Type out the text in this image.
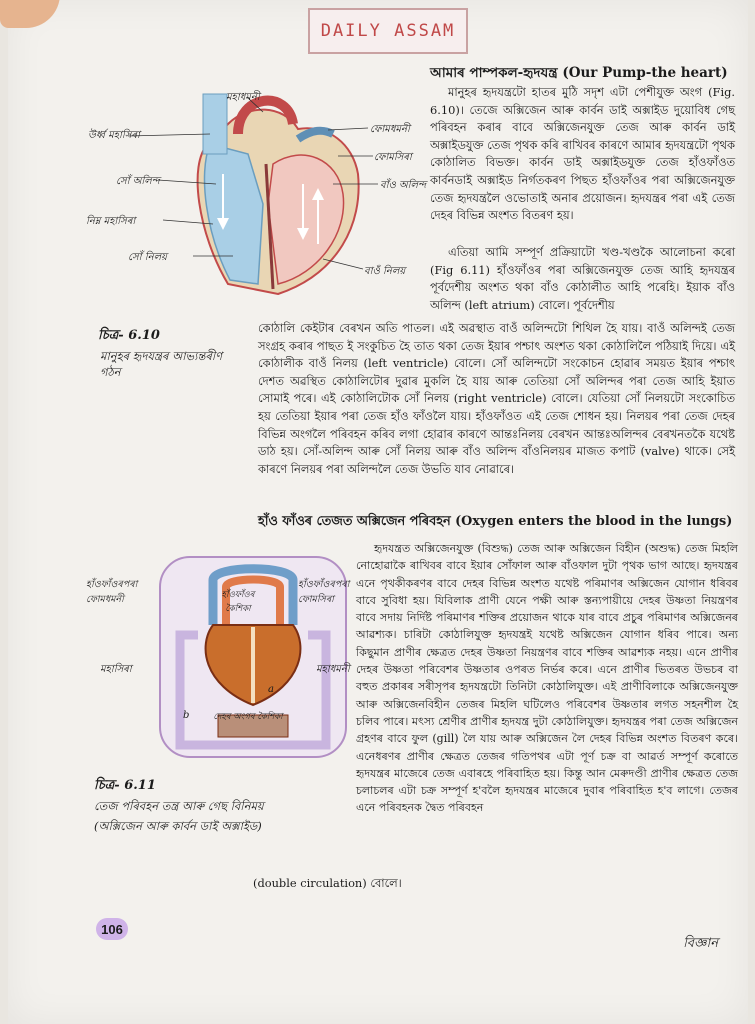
DAILY ASSAM
আমাৰ পাম্পকল-হৃদযন্ত্ৰ (Our Pump-the heart)
মানুহৰ হৃদযন্ত্ৰটো হাতৰ মুঠি সদৃশ এটা পেশীযুক্ত অংগ (Fig. 6.10)। তেজে অক্সিজেন আৰু কাৰ্বন ডাই অক্সাইড দুয়োবিধ গেছ পৰিবহন কৰাৰ বাবে অক্সিজেনযুক্ত তেজ আৰু কাৰ্বন ডাই অক্সাইডযুক্ত তেজ পৃথক কৰি ৰাখিবৰ কাৰণে আমাৰ হৃদযন্ত্ৰটো পৃথক কোঠালিত বিভক্ত। কাৰ্বন ডাই অক্সাইডযুক্ত তেজ হাঁওফাঁওত কাৰ্বনডাই অক্সাইড নিৰ্গতকৰণ পিছত হাঁওফাঁওৰ পৰা অক্সিজেনযুক্ত তেজ হৃদযন্ত্ৰলৈ ওভোতাই অনাৰ প্ৰয়োজন। হৃদযন্ত্ৰৰ পৰা এই তেজ দেহৰ বিভিন্ন অংশত বিতৰণ হয়।
এতিয়া আমি সম্পূৰ্ণ প্ৰক্ৰিয়াটো খণ্ড-খণ্ডকৈ আলোচনা কৰো (Fig 6.11) হাঁওফাঁওৰ পৰা অক্সিজেনযুক্ত তেজ আহি হৃদযন্ত্ৰৰ পূৰ্বদেশীয় অংশত থকা বাঁও কোঠালীত আহি পৰেহি। ইয়াক বাঁও অলিন্দ (left atrium) বোলে। পূৰ্বদেশীয়
কোঠালি কেইটাৰ বেৰখন অতি পাতল। এই অৱস্থাত বাওঁ অলিন্দটো শিথিল হৈ যায়। বাওঁ অলিন্দই তেজ সংগ্ৰহ কৰাৰ পাছত ই সংকুচিত হৈ তাত থকা তেজ ইয়াৰ পশ্চাৎ অংশত থকা কোঠালিলৈ পঠিয়াই দিয়ে। এই কোঠালীক বাওঁ নিলয় (left ventricle) বোলে। সোঁ অলিন্দটো সংকোচন হোৱাৰ সময়ত ইয়াৰ পশ্চাৎ দেশত অৱস্থিত কোঠালিটোৰ দুৱাৰ মুকলি হৈ যায় আৰু তেতিয়া সোঁ অলিন্দৰ পৰা তেজ আহি ইয়াত সোমাই পৰে। এই কোঠালিটোক সোঁ নিলয় (right ventricle) বোলে। যেতিয়া সোঁ নিলয়টো সংকোচিত হয় তেতিয়া ইয়াৰ পৰা তেজ হাঁও ফাঁওলৈ যায়। হাঁওফাঁওত এই তেজ শোধন হয়। নিলয়ৰ পৰা তেজ দেহৰ বিভিন্ন অংগলৈ পৰিবহন কৰিব লগা হোৱাৰ কাৰণে আন্তঃনিলয় বেৰখন আন্তঃঅলিন্দৰ বেৰখনতকৈ যথেষ্ট ডাঠ হয়। সোঁ-অলিন্দ আৰু সোঁ নিলয় আৰু বাঁও অলিন্দ বাঁওনিলয়ৰ মাজত কপাট (valve) থাকে। সেই কাৰণে নিলয়ৰ পৰা অলিন্দলৈ তেজ উভতি যাব নোৱাৰে।
মহাধমনী
উৰ্ধ্ব মহাসিৰা
সোঁ অলিন্দ
নিম্ন মহাসিৰা
সোঁ নিলয়
ফোমধমনী
ফোমসিৰা
বাঁও অলিন্দ
বাওঁ নিলয়
চিত্ৰ- 6.10
মানুহৰ হৃদযন্ত্ৰৰ আভ্যন্তৰীণ গঠন
হাঁও ফাঁওৰ তেজত অক্সিজেন পৰিবহন (Oxygen enters the blood in the lungs)
হৃদযন্ত্ৰত অক্সিজেনযুক্ত (বিশুদ্ধ) তেজ আৰু অক্সিজেন বিহীন (অশুদ্ধ) তেজ মিহলি নোহোৱাকৈ ৰাখিবৰ বাবে ইয়াৰ সোঁফাল আৰু বাঁওফাল দুটা পৃথক ভাগ আছে। হৃদযন্ত্ৰৰ এনে পৃথকীকৰণৰ বাবে দেহৰ বিভিন্ন অংশত যথেষ্ট পৰিমাণৰ অক্সিজেন যোগান ধৰিবৰ বাবে সুবিধা হয়। যিবিলাক প্ৰাণী যেনে পক্ষী আৰু স্তন্যপায়ীয়ে দেহৰ উষ্ণতা নিয়ন্ত্ৰণৰ বাবে সদায় নিৰ্দিষ্ট পৰিমাণৰ শক্তিৰ প্ৰয়োজন থাকে যাৰ বাবে প্ৰচুৰ পৰিমাণৰ অক্সিজেনৰ আৱশ্যক। চাৰিটা কোঠালিযুক্ত হৃদযন্ত্ৰই যথেষ্ট অক্সিজেন যোগান ধৰিব পাৰে। অন্য কিছুমান প্ৰাণীৰ ক্ষেত্ৰত দেহৰ উষ্ণতা নিয়ন্ত্ৰণৰ বাবে শক্তিৰ আৱশ্যক নহয়। এনে প্ৰাণীৰ দেহৰ উষ্ণতা পৰিবেশৰ উষ্ণতাৰ ওপৰত নিৰ্ভৰ কৰে। এনে প্ৰাণীৰ ভিতৰত উভচৰ বা বহুত প্ৰকাৰৰ সৰীসৃপৰ হৃদযন্ত্ৰটো তিনিটা কোঠালিযুক্ত। এই প্ৰাণীবিলাকে অক্সিজেনযুক্ত আৰু অক্সিজেনবিহীন তেজৰ মিহলি ঘটিলেও পৰিবেশৰ উষ্ণতাৰ লগত সহনশীল হৈ চলিব পাৰে। মৎস্য শ্ৰেণীৰ প্ৰাণীৰ হৃদযন্ত্ৰ দুটা কোঠালিযুক্ত। হৃদযন্ত্ৰৰ পৰা তেজ অক্সিজেন গ্ৰহণৰ বাবে ফুল (gill) লৈ যায় আৰু অক্সিজেন লৈ দেহৰ বিভিন্ন অংশত বিতৰণ কৰে। এনেধৰণৰ প্ৰাণীৰ ক্ষেত্ৰত তেজৰ গতিপথৰ এটা পূৰ্ণ চক্ৰ বা আৱৰ্ত সম্পূৰ্ণ কৰোতে হৃদযন্ত্ৰৰ মাজেৰে তেজ এবাৰহে পৰিবাহিত হয়। কিন্তু আন মেৰুদণ্ডী প্ৰাণীৰ ক্ষেত্ৰত তেজ চলাচলৰ এটা চক্ৰ সম্পূৰ্ণ হ'বলৈ হৃদযন্ত্ৰৰ মাজেৰে দুবাৰ পৰিবাহিত হ'ব লাগে। তেজৰ এনে পৰিবহনক দ্বৈত পৰিবহন
(double circulation) বোলে।
হাঁওফাঁওৰপৰা ফোমধমনী	হাঁওফাঁওৰ কৈশিকা
হাঁওফাঁওৰপৰা ফোমসিৰা
মহাসিৰা	মহাধমনী
দেহৰ অংগৰ কৈশিকা
a
b
চিত্ৰ- 6.11
তেজ পৰিবহন তন্ত্ৰ আৰু গেছ বিনিময়
(অক্সিজেন আৰু কাৰ্বন ডাই অক্সাইড)
106
বিজ্ঞান
